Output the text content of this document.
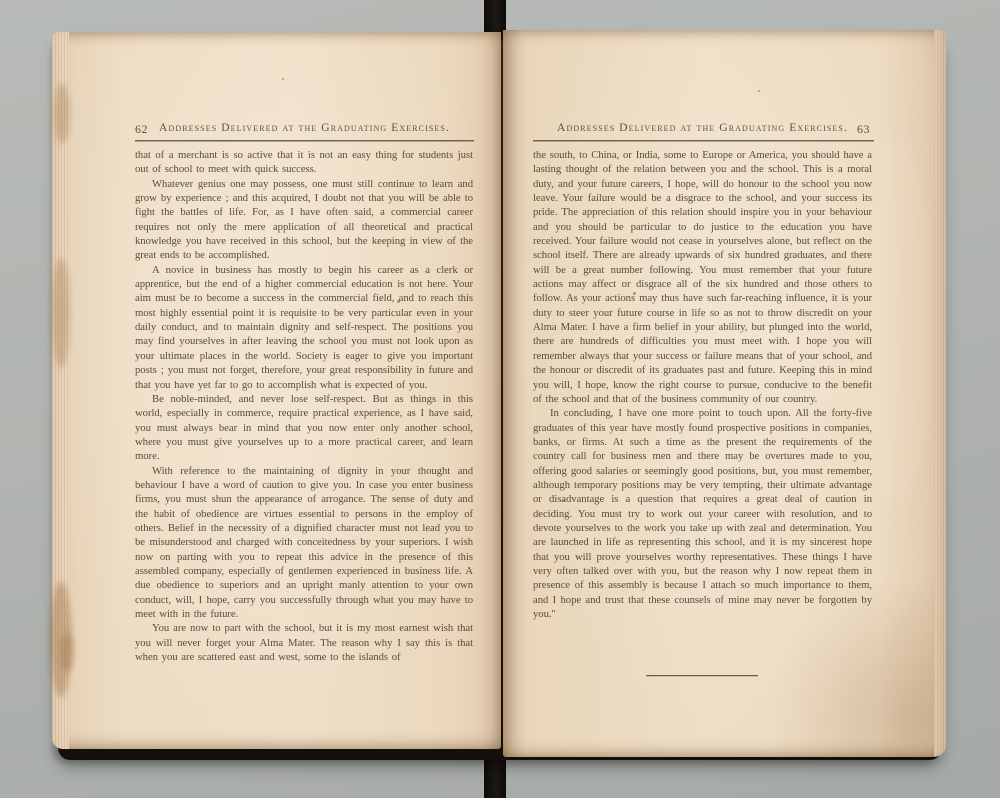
62 Addresses Delivered at the Graduating Exercises.

that of a merchant is so active that it is not an easy thing for students just out of school to meet with quick success.

Whatever genius one may possess, one must still continue to learn and grow by experience ; and this acquired, I doubt not that you will be able to fight the battles of life. For, as I have often said, a commercial career requires not only the mere application of all theoretical and practical knowledge you have received in this school, but the keeping in view of the great ends to be accomplished.

A novice in business has mostly to begin his career as a clerk or apprentice, but the end of a higher commercial education is not here. Your aim must be to become a success in the commercial field, and to reach this most highly essential point it is requisite to be very particular even in your daily conduct, and to maintain dignity and self-respect. The positions you may find yourselves in after leaving the school you must not look upon as your ultimate places in the world. Society is eager to give you important posts ; you must not forget, therefore, your great responsibility in future and that you have yet far to go to accomplish what is expected of you.

Be noble-minded, and never lose self-respect. But as things in this world, especially in commerce, require practical experience, as I have said, you must always bear in mind that you now enter only another school, where you must give yourselves up to a more practical career, and learn more.

With reference to the maintaining of dignity in your thought and behaviour I have a word of caution to give you. In case you enter business firms, you must shun the appearance of arrogance. The sense of duty and the habit of obedience are virtues essential to persons in the employ of others. Belief in the necessity of a dignified character must not lead you to be misunderstood and charged with conceitedness by your superiors. I wish now on parting with you to repeat this advice in the presence of this assembled company, especially of gentlemen experienced in business life. A due obedience to superiors and an upright manly attention to your own conduct, will, I hope, carry you successfully through what you may have to meet with in the future.

You are now to part with the school, but it is my most earnest wish that you will never forget your Alma Mater. The reason why I say this is that when you are scattered east and west, some to the islands of

Addresses Delivered at the Graduating Exercises. 63

the south, to China, or India, some to Europe or America, you should have a lasting thought of the relation between you and the school. This is a moral duty, and your future careers, I hope, will do honour to the school you now leave. Your failure would be a disgrace to the school, and your success its pride. The appreciation of this relation should inspire you in your behaviour and you should be particular to do justice to the education you have received. Your failure would not cease in yourselves alone, but reflect on the school itself. There are already upwards of six hundred graduates, and there will be a great number following. You must remember that your future actions may affect or disgrace all of the six hundred and those others to follow. As your actions may thus have such far-reaching influence, it is your duty to steer your future course in life so as not to throw discredit on your Alma Mater. I have a firm belief in your ability, but plunged into the world, there are hundreds of difficulties you must meet with. I hope you will remember always that your success or failure means that of your school, and the honour or discredit of its graduates past and future. Keeping this in mind you will, I hope, know the right course to pursue, conducive to the benefit of the school and that of the business community of our country.

In concluding, I have one more point to touch upon. All the forty-five graduates of this year have mostly found prospective positions in companies, banks, or firms. At such a time as the present the requirements of the country call for business men and there may be overtures made to you, offering good salaries or seemingly good positions, but, you must remember, although temporary positions may be very tempting, their ultimate advantage or disadvantage is a question that requires a great deal of caution in deciding. You must try to work out your career with resolution, and to devote yourselves to the work you take up with zeal and determination. You are launched in life as representing this school, and it is my sincerest hope that you will prove yourselves worthy representatives. These things I have very often talked over with you, but the reason why I now repeat them in presence of this assembly is because I attach so much importance to them, and I hope and trust that these counsels of mine may never be forgotten by you."
